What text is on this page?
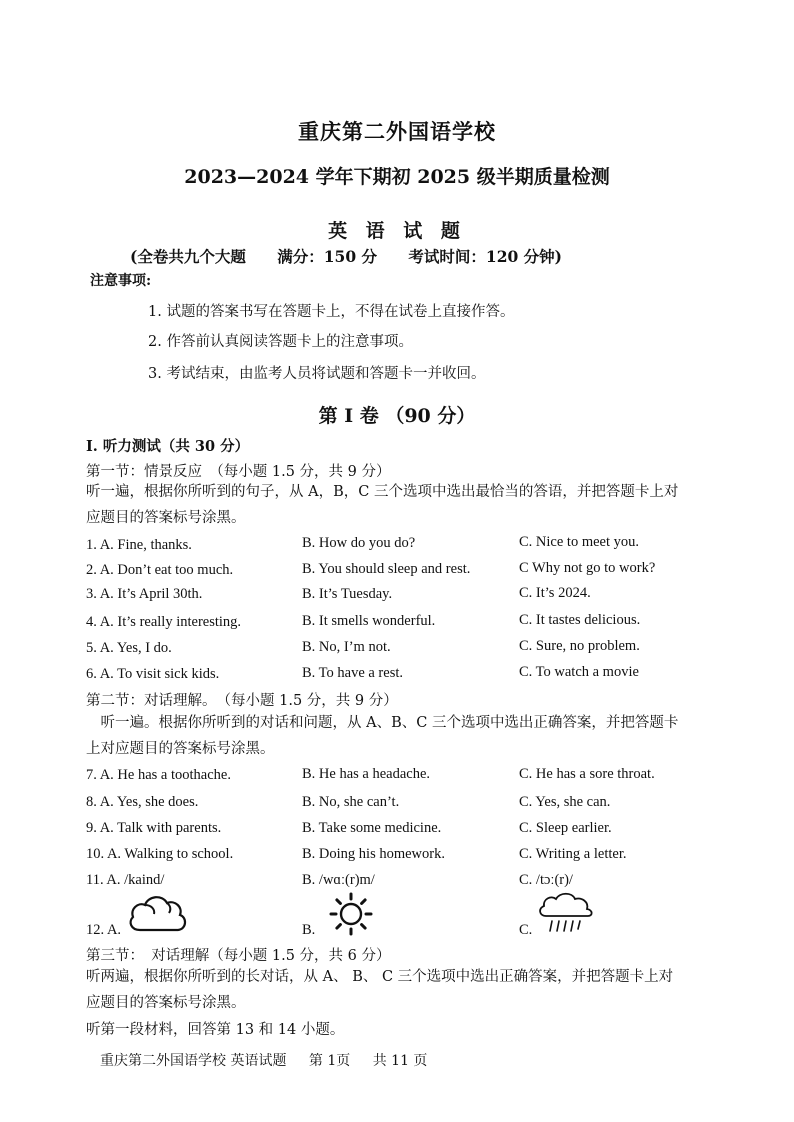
重庆第二外国语学校
2023—2024 学年下期初 2025 级半期质量检测
英 语 试 题
(全卷共九个大题 满分：150 分 考试时间：120 分钟)
注意事项:
1. 试题的答案书写在答题卡上，不得在试卷上直接作答。
2. 作答前认真阅读答题卡上的注意事项。
3. 考试结束，由监考人员将试题和答题卡一并收回。
第 I 卷 （90 分）
I. 听力测试（共 30 分）
第一节：情景反应　（每小题 1.5 分，共 9 分）
听一遍，根据你所听到的句子，从 A，B，C 三个选项中选出最恰当的答语，并把答题卡上对应题目的答案标号涂黑。
1. A. Fine, thanks.	B. How do you do?	C. Nice to meet you.
2. A. Don’t eat too much.	B. You should sleep and rest.	C Why not go to work?
3. A. It’s April 30th.	B. It’s Tuesday.	C. It’s 2024.
4. A. It’s really interesting.	B. It smells wonderful.	C. It tastes delicious.
5. A. Yes, I do.	B. No, I’m not.	C. Sure, no problem.
6. A. To visit sick kids.	B. To have a rest.	C. To watch a movie
第二节：对话理解。　（每小题 1.5 分，共 9 分）
听一遍。根据你所听到的对话和问题，从 A、B、C 三个选项中选出正确答案，并把答题卡上对应题目的答案标号涂黑。
7. A. He has a toothache.	B. He has a headache.	C. He has a sore throat.
8. A. Yes, she does.	B. No, she can’t.	C. Yes, she can.
9. A. Talk with parents.	B. Take some medicine.	C. Sleep earlier.
10. A. Walking to school.	B. Doing his homework.	C. Writing a letter.
11. A. /kaind/	B. /wɑː(r)m/	C. /tɔː(r)/
12. A.	B.	C.
第三节：　对话理解（每小题 1.5 分，共 6 分）
听两遍，根据你所听到的长对话，从 A、 B、 C 三个选项中选出正确答案，并把答题卡上对应题目的答案标号涂黑。
听第一段材料，回答第 13 和 14 小题。
重庆第二外国语学校 英语试题 第 1页 共 11 页
